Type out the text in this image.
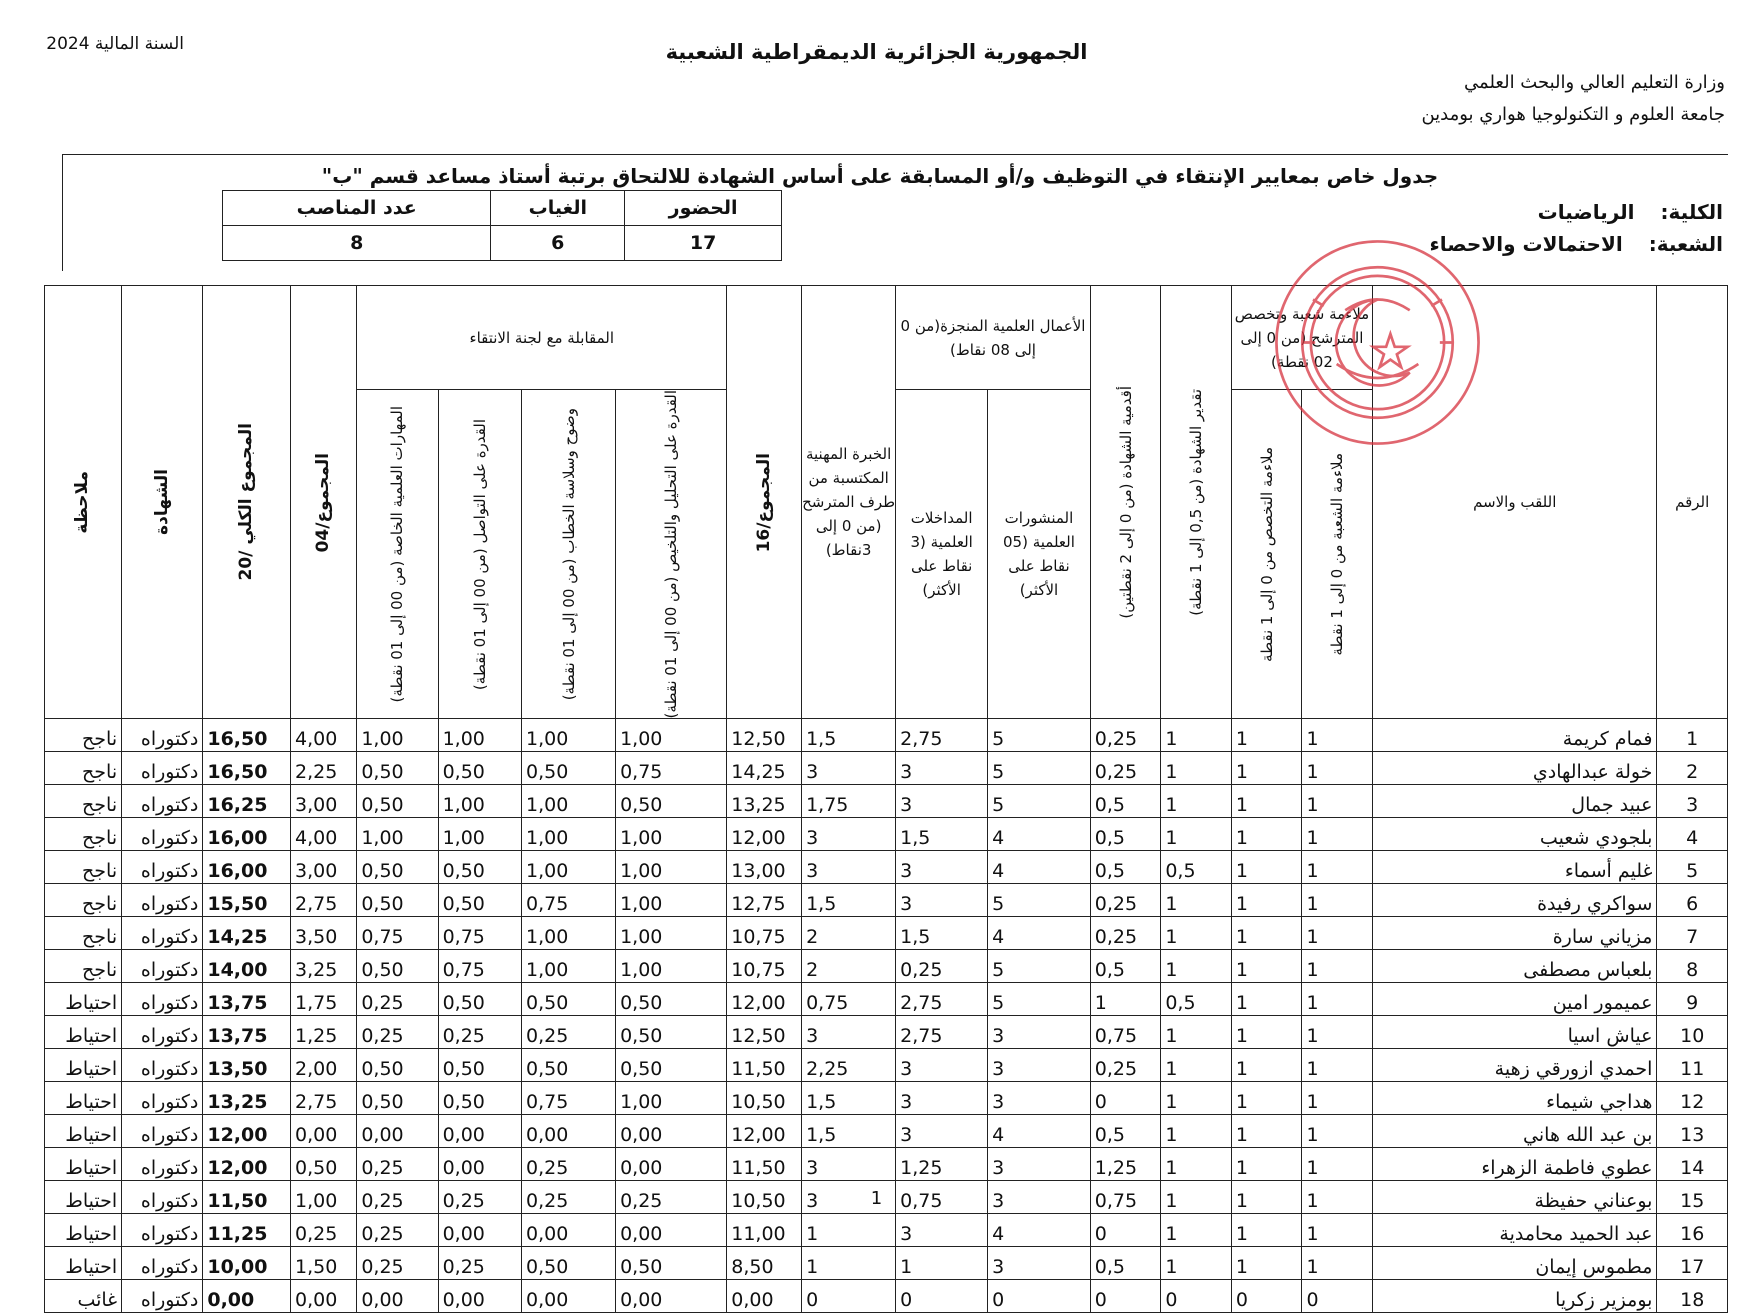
السنة المالية 2024	الجمهورية الجزائرية الديمقراطية الشعبية
وزارة التعليم العالي والبحث العلمي
جامعة العلوم و التكنولوجيا هواري بومدين
جدول خاص بمعايير الإنتقاء في التوظيف و/أو المسابقة على أساس الشهادة للالتحاق برتبة أستاذ مساعد قسم "ب"
الحضور	الغياب	عدد المناصب
17	6	8
الكلية:الرياضيات
الشعبة:الاحتمالات والاحصاء
الرقم	اللقب والاسم	ملاءمة شعبة وتخصص المترشح (من 0 إلى 02 نقطة)		تقدير الشهادة (من 0,5 إلى 1 نقطة)	أقدمية الشهادة (من 0 إلى 2 نقطتين)	الأعمال العلمية المنجزة(من 0 إلى 08 نقاط)		الخبرة المهنية المكتسبة من طرف المترشح (من 0 إلى 3نقاط)	المجموع/16	المقابلة مع لجنة الانتقاء				المجموع/04	المجموع الكلي /20	الشهادة	ملاحظة

		ملاءمة الشعبة من 0 إلى 1 نقطة	ملاءمة التخصص من 0 إلى 1 نقطة			المنشورات العلمية (05 نقاط على الأكثر)	المداخلات العلمية (3 نقاط على الأكثر)			القدرة على التحليل والتلخيص (من 00 إلى 01 نقطة)	وضوح وسلاسة الخطاب (من 00 إلى 01 نقطة)	القدرة على التواصل (من 00 إلى 01 نقطة)	المهارات العلمية الخاصة (من 00 إلى 01 نقطة)				

1	فمام كريمة	1	1	1	0,25	5	2,75	1,5	12,50	1,00	1,00	1,00	1,00	4,00	16,50	دكتوراه	ناجح
2	خولة عبدالهادي	1	1	1	0,25	5	3	3	14,25	0,75	0,50	0,50	0,50	2,25	16,50	دكتوراه	ناجح
3	عبيد جمال	1	1	1	0,5	5	3	1,75	13,25	0,50	1,00	1,00	0,50	3,00	16,25	دكتوراه	ناجح
4	بلجودي شعيب	1	1	1	0,5	4	1,5	3	12,00	1,00	1,00	1,00	1,00	4,00	16,00	دكتوراه	ناجح
5	غليم أسماء	1	1	0,5	0,5	4	3	3	13,00	1,00	1,00	0,50	0,50	3,00	16,00	دكتوراه	ناجح
6	سواكري رفيدة	1	1	1	0,25	5	3	1,5	12,75	1,00	0,75	0,50	0,50	2,75	15,50	دكتوراه	ناجح
7	مزياني سارة	1	1	1	0,25	4	1,5	2	10,75	1,00	1,00	0,75	0,75	3,50	14,25	دكتوراه	ناجح
8	بلعباس مصطفى	1	1	1	0,5	5	0,25	2	10,75	1,00	1,00	0,75	0,50	3,25	14,00	دكتوراه	ناجح
9	عميمور امين	1	1	0,5	1	5	2,75	0,75	12,00	0,50	0,50	0,50	0,25	1,75	13,75	دكتوراه	احتياط
10	عياش اسيا	1	1	1	0,75	3	2,75	3	12,50	0,50	0,25	0,25	0,25	1,25	13,75	دكتوراه	احتياط
11	احمدي ازورقي زهية	1	1	1	0,25	3	3	2,25	11,50	0,50	0,50	0,50	0,50	2,00	13,50	دكتوراه	احتياط
12	هداجي شيماء	1	1	1	0	3	3	1,5	10,50	1,00	0,75	0,50	0,50	2,75	13,25	دكتوراه	احتياط
13	بن عبد الله هاني	1	1	1	0,5	4	3	1,5	12,00	0,00	0,00	0,00	0,00	0,00	12,00	دكتوراه	احتياط
14	عطوي فاطمة الزهراء	1	1	1	1,25	3	1,25	3	11,50	0,00	0,25	0,00	0,25	0,50	12,00	دكتوراه	احتياط
15	بوعناني حفيظة	1	1	1	0,75	3	0,75	3	10,50	0,25	0,25	0,25	0,25	1,00	11,50	دكتوراه	احتياط
16	عبد الحميد محامدية	1	1	1	0	4	3	1	11,00	0,00	0,00	0,00	0,25	0,25	11,25	دكتوراه	احتياط
17	مطموس إيمان	1	1	1	0,5	3	1	1	8,50	0,50	0,50	0,25	0,25	1,50	10,00	دكتوراه	احتياط
18	بومزير زكريا	0	0	0	0	0	0	0	0,00	0,00	0,00	0,00	0,00	0,00	0,00	دكتوراه	غائب
1
